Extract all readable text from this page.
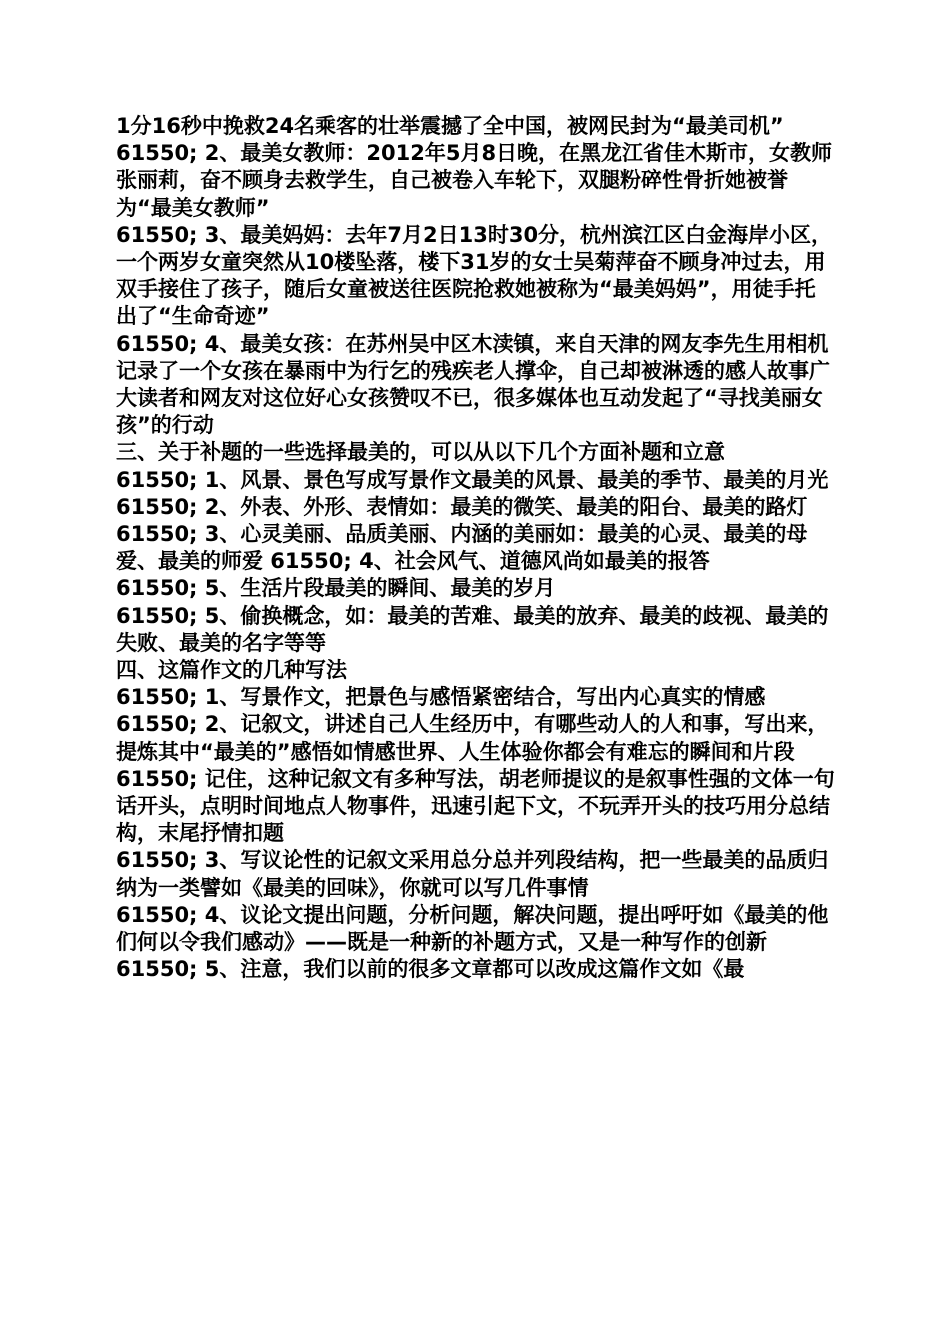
1分16秒中挽救24名乘客的壮举震撼了全中国，被网民封为“最美司机”

61550; 2、最美女教师：2012年5月8日晚，在黑龙江省佳木斯市，女教师张丽莉，奋不顾身去救学生，自己被卷入车轮下，双腿粉碎性骨折她被誉为“最美女教师”

61550; 3、最美妈妈：去年7月2日13时30分，杭州滨江区白金海岸小区，一个两岁女童突然从10楼坠落，楼下31岁的女士吴菊萍奋不顾身冲过去，用双手接住了孩子，随后女童被送往医院抢救她被称为“最美妈妈”，用徒手托出了“生命奇迹”

61550; 4、最美女孩：在苏州吴中区木渎镇，来自天津的网友李先生用相机记录了一个女孩在暴雨中为行乞的残疾老人撑伞，自己却被淋透的感人故事广大读者和网友对这位好心女孩赞叹不已，很多媒体也互动发起了“寻找美丽女孩”的行动

三、关于补题的一些选择最美的，可以从以下几个方面补题和立意

61550; 1、风景、景色写成写景作文最美的风景、最美的季节、最美的月光

61550; 2、外表、外形、表情如：最美的微笑、最美的阳台、最美的路灯

61550; 3、心灵美丽、品质美丽、内涵的美丽如：最美的心灵、最美的母爱、最美的师爱 61550; 4、社会风气、道德风尚如最美的报答

61550; 5、生活片段最美的瞬间、最美的岁月

61550; 5、偷换概念，如：最美的苦难、最美的放弃、最美的歧视、最美的失败、最美的名字等等

四、这篇作文的几种写法

61550; 1、写景作文，把景色与感悟紧密结合，写出内心真实的情感

61550; 2、记叙文，讲述自己人生经历中，有哪些动人的人和事，写出来，提炼其中“最美的”感悟如情感世界、人生体验你都会有难忘的瞬间和片段

61550; 记住，这种记叙文有多种写法，胡老师提议的是叙事性强的文体一句话开头，点明时间地点人物事件，迅速引起下文，不玩弄开头的技巧用分总结构，末尾抒情扣题

61550; 3、写议论性的记叙文采用总分总并列段结构，把一些最美的品质归纳为一类譬如《最美的回味》，你就可以写几件事情

61550; 4、议论文提出问题，分析问题，解决问题，提出呼吁如《最美的他们何以令我们感动》——既是一种新的补题方式，又是一种写作的创新

61550; 5、注意，我们以前的很多文章都可以改成这篇作文如《最
